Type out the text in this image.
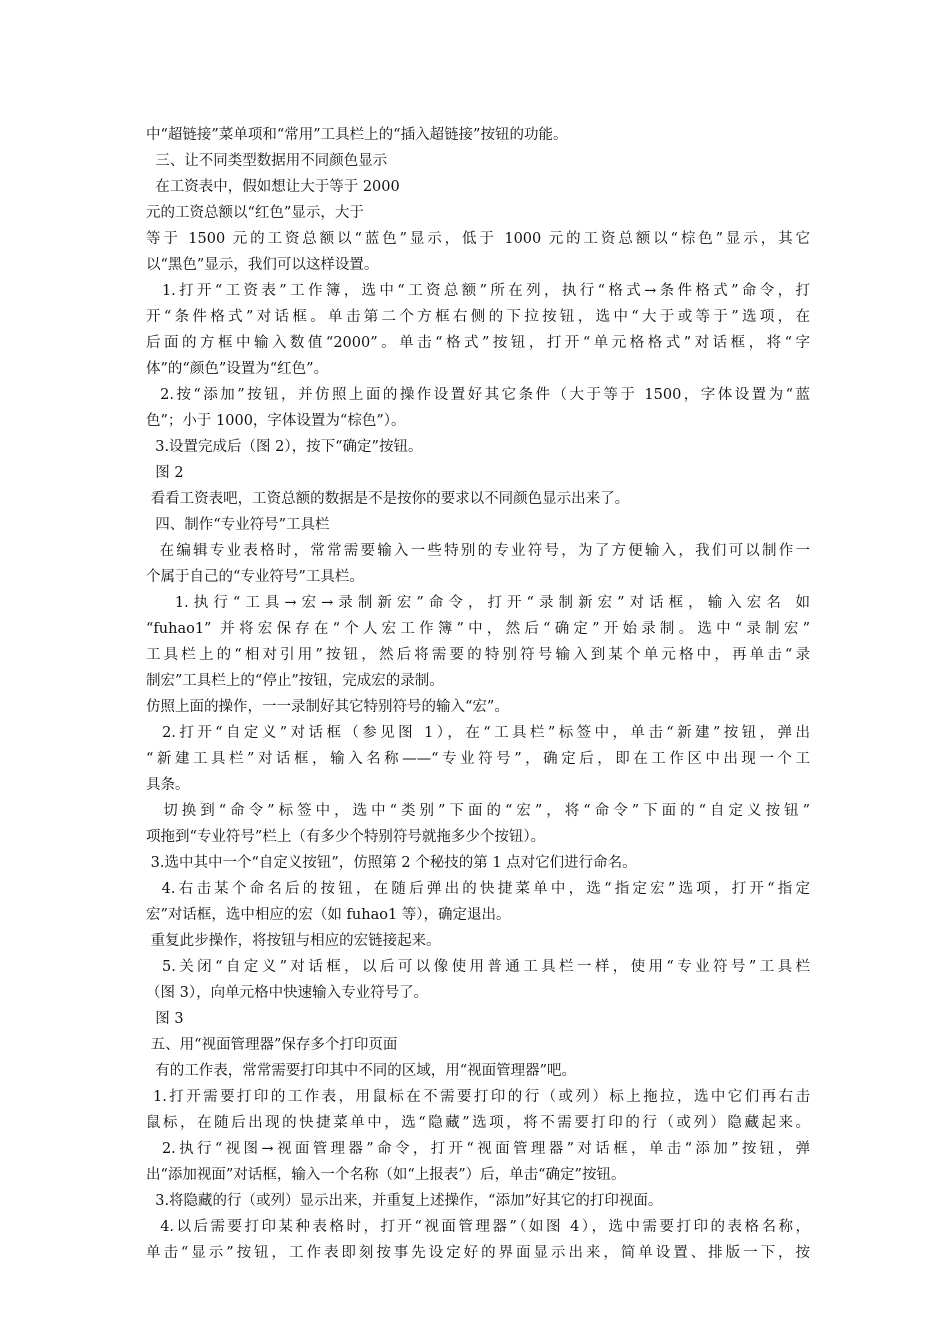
中“超链接”菜单项和“常用”工具栏上的“插入超链接”按钮的功能。
三、让不同类型数据用不同颜色显示
在工资表中，假如想让大于等于 2000
元的工资总额以“红色”显示，大于
等于 1500 元的工资总额以“蓝色”显示，低于 1000 元的工资总额以“棕色”显示，其它
以“黑色”显示，我们可以这样设置。
1.打开“工资表”工作簿，选中“工资总额”所在列，执行“格式→条件格式”命令，打
开“条件格式”对话框。单击第二个方框右侧的下拉按钮，选中“大于或等于”选项，在
后面的方框中输入数值“2000”。单击“格式”按钮，打开“单元格格式”对话框，将“字
体”的“颜色”设置为“红色”。
2.按“添加”按钮，并仿照上面的操作设置好其它条件（大于等于 1500，字体设置为“蓝
色”；小于 1000，字体设置为“棕色”）。
3.设置完成后（图 2），按下“确定”按钮。
图 2
看看工资表吧，工资总额的数据是不是按你的要求以不同颜色显示出来了。
四、制作“专业符号”工具栏
在编辑专业表格时，常常需要输入一些特别的专业符号，为了方便输入，我们可以制作一
个属于自己的“专业符号”工具栏。
1.执行“工具→宏→录制新宏”命令，打开“录制新宏”对话框，输入宏名 如
“fuhao1” 并将宏保存在“个人宏工作簿”中，然后“确定”开始录制。选中“录制宏”
工具栏上的“相对引用”按钮，然后将需要的特别符号输入到某个单元格中，再单击“录
制宏”工具栏上的“停止”按钮，完成宏的录制。
仿照上面的操作，一一录制好其它特别符号的输入“宏”。
2.打开“自定义”对话框（参见图 1），在“工具栏”标签中，单击“新建”按钮，弹出
“新建工具栏”对话框，输入名称——“专业符号”，确定后，即在工作区中出现一个工
具条。
切换到“命令”标签中，选中“类别”下面的“宏”，将“命令”下面的“自定义按钮”
项拖到“专业符号”栏上（有多少个特别符号就拖多少个按钮）。
3.选中其中一个“自定义按钮”，仿照第 2 个秘技的第 1 点对它们进行命名。
4.右击某个命名后的按钮，在随后弹出的快捷菜单中，选“指定宏”选项，打开“指定
宏”对话框，选中相应的宏（如 fuhao1 等），确定退出。
重复此步操作，将按钮与相应的宏链接起来。
5.关闭“自定义”对话框，以后可以像使用普通工具栏一样，使用“专业符号”工具栏
（图 3），向单元格中快速输入专业符号了。
图 3
五、用“视面管理器”保存多个打印页面
有的工作表，常常需要打印其中不同的区域，用“视面管理器”吧。
1.打开需要打印的工作表，用鼠标在不需要打印的行（或列）标上拖拉，选中它们再右击
鼠标，在随后出现的快捷菜单中，选“隐藏”选项，将不需要打印的行（或列）隐藏起来。
2.执行“视图→视面管理器”命令，打开“视面管理器”对话框，单击“添加”按钮，弹
出“添加视面”对话框，输入一个名称（如“上报表”）后，单击“确定”按钮。
3.将隐藏的行（或列）显示出来，并重复上述操作，“添加”好其它的打印视面。
4.以后需要打印某种表格时，打开“视面管理器”（如图 4），选中需要打印的表格名称，
单击“显示”按钮，工作表即刻按事先设定好的界面显示出来，简单设置、排版一下，按
